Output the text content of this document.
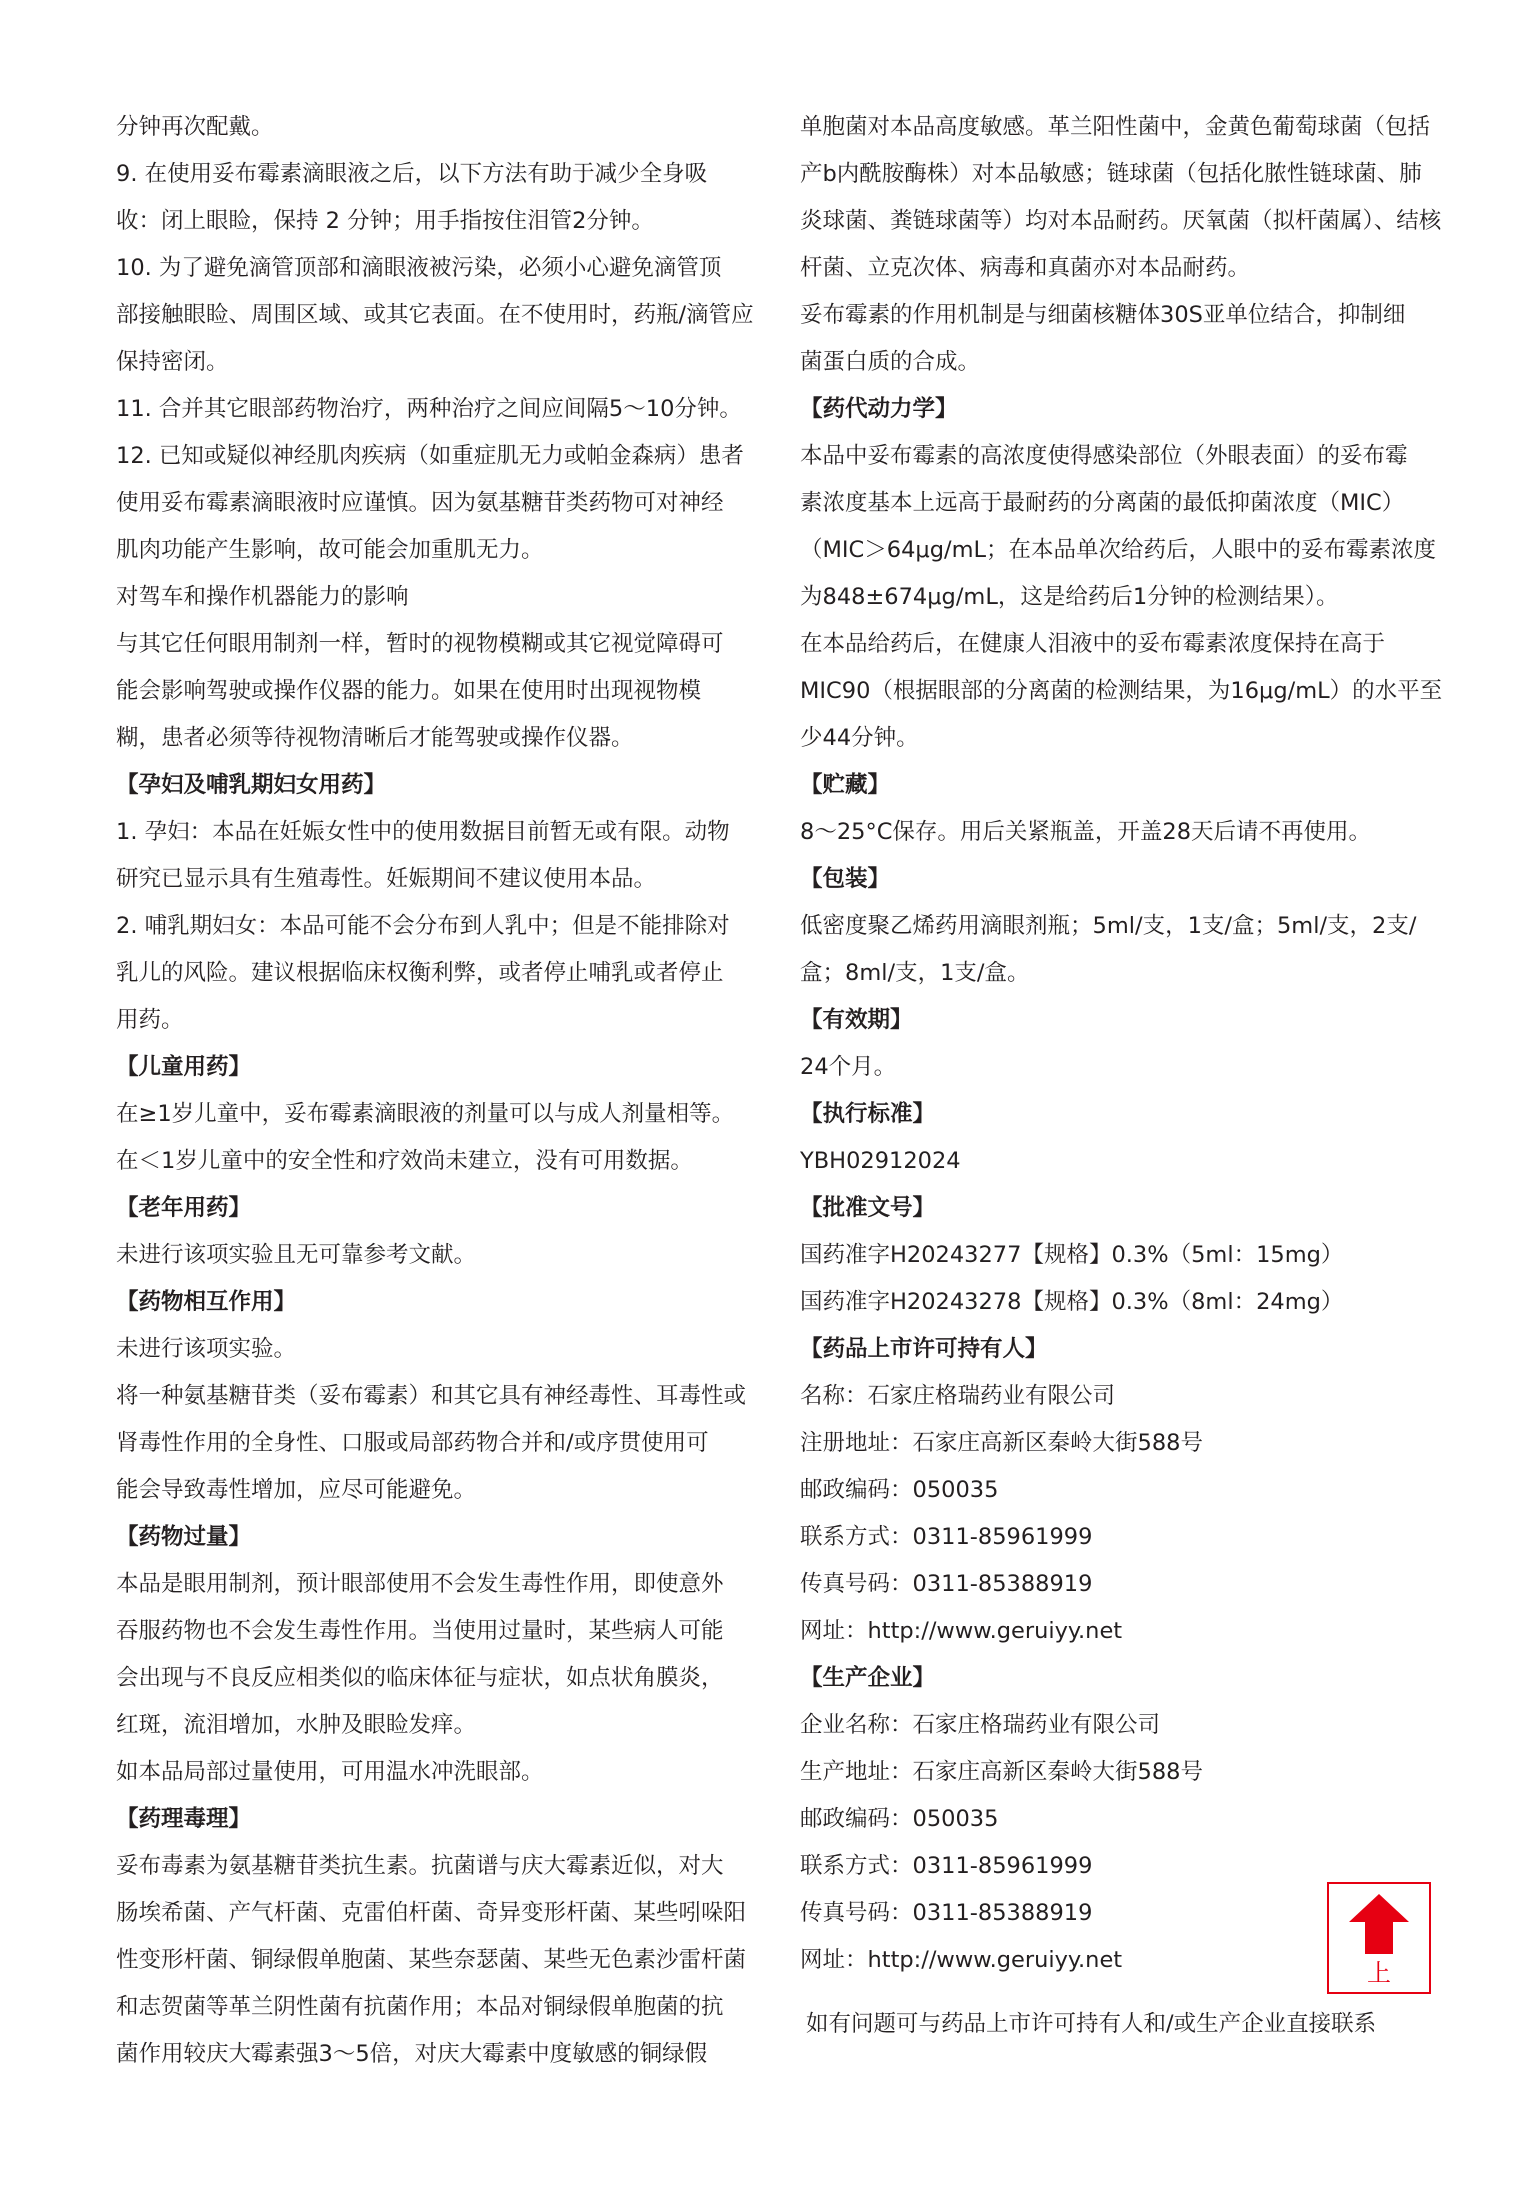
分钟再次配戴。

9. 在使用妥布霉素滴眼液之后，以下方法有助于减少全身吸
收：闭上眼睑，保持 2 分钟；用手指按住泪管2分钟。

10. 为了避免滴管顶部和滴眼液被污染，必须小心避免滴管顶
部接触眼睑、周围区域、或其它表面。在不使用时，药瓶/滴管应
保持密闭。

11. 合并其它眼部药物治疗，两种治疗之间应间隔5～10分钟。

12. 已知或疑似神经肌肉疾病（如重症肌无力或帕金森病）患者
使用妥布霉素滴眼液时应谨慎。因为氨基糖苷类药物可对神经
肌肉功能产生影响，故可能会加重肌无力。

对驾车和操作机器能力的影响

与其它任何眼用制剂一样，暂时的视物模糊或其它视觉障碍可
能会影响驾驶或操作仪器的能力。如果在使用时出现视物模
糊，患者必须等待视物清晰后才能驾驶或操作仪器。

【孕妇及哺乳期妇女用药】

1. 孕妇：本品在妊娠女性中的使用数据目前暂无或有限。动物
研究已显示具有生殖毒性。妊娠期间不建议使用本品。

2. 哺乳期妇女：本品可能不会分布到人乳中；但是不能排除对
乳儿的风险。建议根据临床权衡利弊，或者停止哺乳或者停止
用药。

【儿童用药】

在≥1岁儿童中，妥布霉素滴眼液的剂量可以与成人剂量相等。
在＜1岁儿童中的安全性和疗效尚未建立，没有可用数据。

【老年用药】

未进行该项实验且无可靠参考文献。

【药物相互作用】

未进行该项实验。

将一种氨基糖苷类（妥布霉素）和其它具有神经毒性、耳毒性或
肾毒性作用的全身性、口服或局部药物合并和/或序贯使用可
能会导致毒性增加，应尽可能避免。

【药物过量】

本品是眼用制剂，预计眼部使用不会发生毒性作用，即使意外
吞服药物也不会发生毒性作用。当使用过量时，某些病人可能
会出现与不良反应相类似的临床体征与症状，如点状角膜炎，
红斑，流泪增加，水肿及眼睑发痒。

如本品局部过量使用，可用温水冲洗眼部。

【药理毒理】

妥布毒素为氨基糖苷类抗生素。抗菌谱与庆大霉素近似，对大
肠埃希菌、产气杆菌、克雷伯杆菌、奇异变形杆菌、某些吲哚阳
性变形杆菌、铜绿假单胞菌、某些奈瑟菌、某些无色素沙雷杆菌
和志贺菌等革兰阴性菌有抗菌作用；本品对铜绿假单胞菌的抗
菌作用较庆大霉素强3～5倍，对庆大霉素中度敏感的铜绿假

单胞菌对本品高度敏感。革兰阳性菌中，金黄色葡萄球菌（包括
产b内酰胺酶株）对本品敏感；链球菌（包括化脓性链球菌、肺
炎球菌、粪链球菌等）均对本品耐药。厌氧菌（拟杆菌属）、结核
杆菌、立克次体、病毒和真菌亦对本品耐药。

妥布霉素的作用机制是与细菌核糖体30S亚单位结合，抑制细
菌蛋白质的合成。

【药代动力学】

本品中妥布霉素的高浓度使得感染部位（外眼表面）的妥布霉
素浓度基本上远高于最耐药的分离菌的最低抑菌浓度（MIC）
（MIC＞64μg/mL；在本品单次给药后，人眼中的妥布霉素浓度
为848±674μg/mL，这是给药后1分钟的检测结果）。

在本品给药后，在健康人泪液中的妥布霉素浓度保持在高于
MIC90（根据眼部的分离菌的检测结果，为16μg/mL）的水平至
少44分钟。

【贮藏】

8～25°C保存。用后关紧瓶盖，开盖28天后请不再使用。

【包装】

低密度聚乙烯药用滴眼剂瓶；5ml/支，1支/盒；5ml/支，2支/
盒；8ml/支，1支/盒。

【有效期】

24个月。

【执行标准】

YBH02912024

【批准文号】

国药准字H20243277【规格】0.3%（5ml：15mg）

国药准字H20243278【规格】0.3%（8ml：24mg）

【药品上市许可持有人】

名称：石家庄格瑞药业有限公司

注册地址：石家庄高新区秦岭大街588号

邮政编码：050035

联系方式：0311-85961999

传真号码：0311-85388919

网址：http://www.geruiyy.net

【生产企业】

企业名称：石家庄格瑞药业有限公司

生产地址：石家庄高新区秦岭大街588号

邮政编码：050035

联系方式：0311-85961999

传真号码：0311-85388919

网址：http://www.geruiyy.net

如有问题可与药品上市许可持有人和/或生产企业直接联系
向 上
